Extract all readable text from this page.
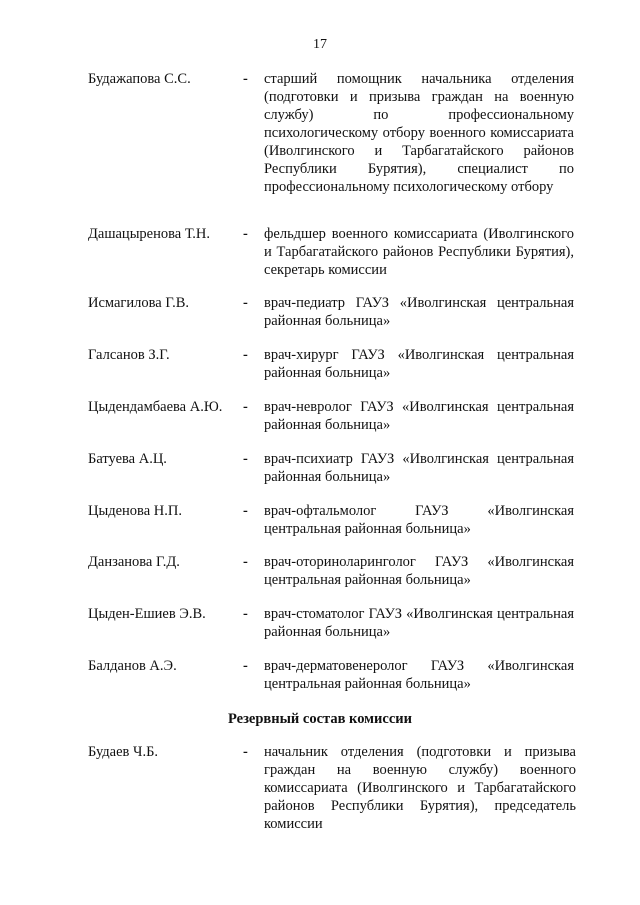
17
Будажапова С.С.	- старший помощник начальника отделения (подготовки и призыва граждан на военную службу) по профессиональному психологическому отбору военного комиссариата (Иволгинского и Тарбагатайского районов Республики Бурятия), специалист по профессиональному психологическому отбору
Дашацыренова Т.Н. - фельдшер военного комиссариата (Иволгинского и Тарбагатайского районов Республики Бурятия), секретарь комиссии
Исмагилова Г.В.	- врач-педиатр ГАУЗ «Иволгинская центральная районная больница»
Галсанов З.Г.	- врач-хирург ГАУЗ «Иволгинская центральная районная больница»
Цыдендамбаева А.Ю. - врач-невролог ГАУЗ «Иволгинская центральная районная больница»
Батуева А.Ц.	- врач-психиатр ГАУЗ «Иволгинская центральная районная больница»
Цыденова Н.П.	- врач-офтальмолог ГАУЗ «Иволгинская центральная районная больница»
Данзанова Г.Д.	- врач-оториноларинголог ГАУЗ «Иволгинская центральная районная больница»
Цыден-Ешиев Э.В.	- врач-стоматолог ГАУЗ «Иволгинская центральная районная больница»
Балданов А.Э.	- врач-дерматовенеролог ГАУЗ «Иволгинская центральная районная больница»
Резервный состав комиссии
Будаев Ч.Б.	- начальник отделения (подготовки и призыва граждан на военную службу) военного комиссариата (Иволгинского и Тарбагатайского районов Республики Бурятия), председатель комиссии
